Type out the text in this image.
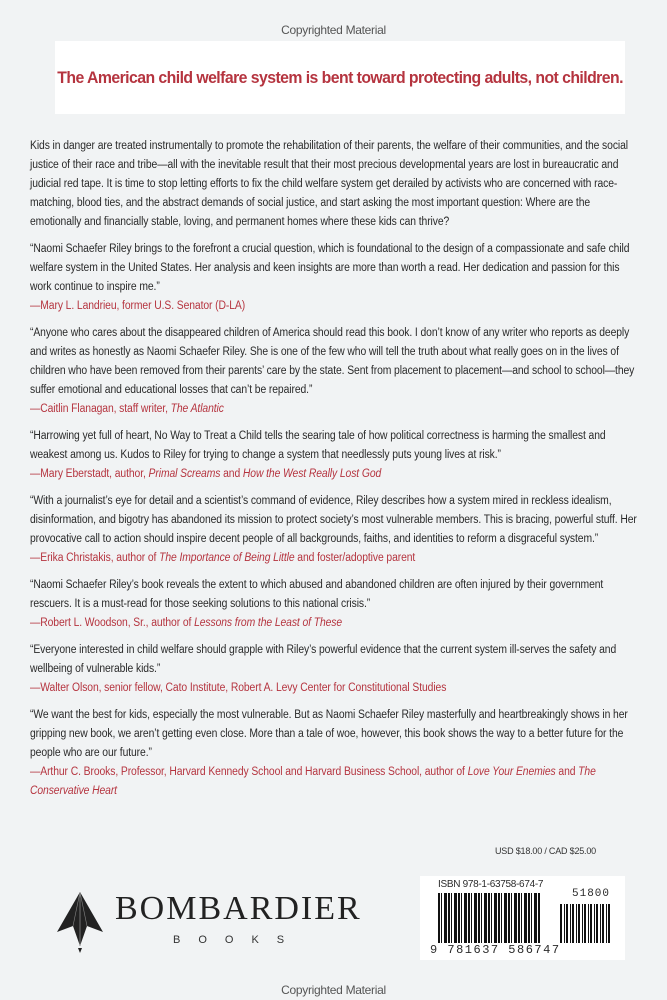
Copyrighted Material
The American child welfare system is bent toward protecting adults, not children.

Kids in danger are treated instrumentally to promote the rehabilitation of their parents, the welfare of their communities, and the social justice of their race and tribe—all with the inevitable result that their most precious developmental years are lost in bureaucratic and judicial red tape. It is time to stop letting efforts to fix the child welfare system get derailed by activists who are concerned with race-matching, blood ties, and the abstract demands of social justice, and start asking the most important question: Where are the emotionally and financially stable, loving, and permanent homes where these kids can thrive?

“Naomi Schaefer Riley brings to the forefront a crucial question, which is foundational to the design of a compassionate and safe child welfare system in the United States. Her analysis and keen insights are more than worth a read. Her dedication and passion for this work continue to inspire me.”
—Mary L. Landrieu, former U.S. Senator (D-LA)
“Anyone who cares about the disappeared children of America should read this book. I don’t know of any writer who reports as deeply and writes as honestly as Naomi Schaefer Riley. She is one of the few who will tell the truth about what really goes on in the lives of children who have been removed from their parents’ care by the state. Sent from placement to placement—and school to school—they suffer emotional and educational losses that can’t be repaired.”
—Caitlin Flanagan, staff writer, The Atlantic
“Harrowing yet full of heart, No Way to Treat a Child tells the searing tale of how political correctness is harming the smallest and weakest among us. Kudos to Riley for trying to change a system that needlessly puts young lives at risk.”
—Mary Eberstadt, author, Primal Screams and How the West Really Lost God
“With a journalist’s eye for detail and a scientist’s command of evidence, Riley describes how a system mired in reckless idealism, disinformation, and bigotry has abandoned its mission to protect society’s most vulnerable members. This is bracing, powerful stuff. Her provocative call to action should inspire decent people of all backgrounds, faiths, and identities to reform a disgraceful system.”
—Erika Christakis, author of The Importance of Being Little and foster/adoptive parent
“Naomi Schaefer Riley’s book reveals the extent to which abused and abandoned children are often injured by their government rescuers. It is a must-read for those seeking solutions to this national crisis.”
—Robert L. Woodson, Sr., author of Lessons from the Least of These
“Everyone interested in child welfare should grapple with Riley’s powerful evidence that the current system ill-serves the safety and wellbeing of vulnerable kids.”
—Walter Olson, senior fellow, Cato Institute, Robert A. Levy Center for Constitutional Studies
“We want the best for kids, especially the most vulnerable. But as Naomi Schaefer Riley masterfully and heartbreakingly shows in her gripping new book, we aren’t getting even close. More than a tale of woe, however, this book shows the way to a better future for the people who are our future.”
—Arthur C. Brooks, Professor, Harvard Kennedy School and Harvard Business School, author of Love Your Enemies and The Conservative Heart
USD $18.00 / CAD $25.00
ISBN 978-1-63758-674-7
51800
9 781637 586747
BOMBARDIER
BOOKS
Copyrighted Material
